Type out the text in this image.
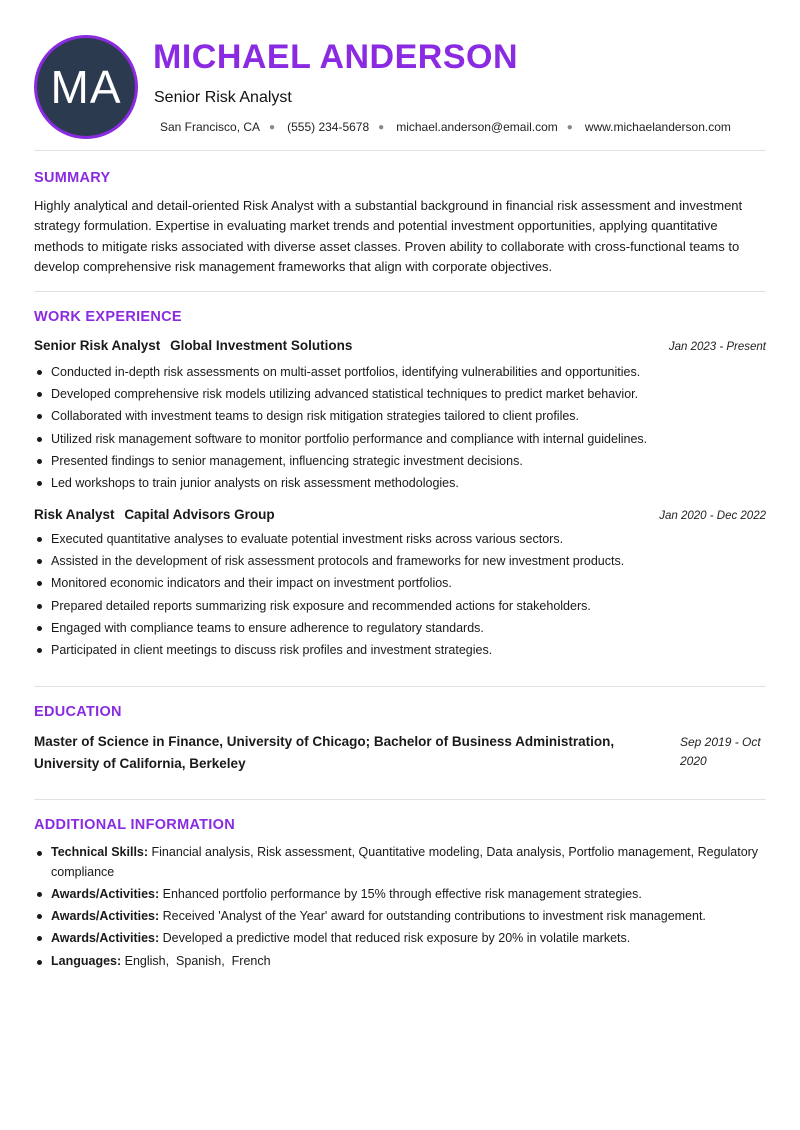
MA
MICHAEL ANDERSON
Senior Risk Analyst
San Francisco, CA ● (555) 234-5678 ● michael.anderson@email.com ● www.michaelanderson.com
SUMMARY
Highly analytical and detail-oriented Risk Analyst with a substantial background in financial risk assessment and investment strategy formulation. Expertise in evaluating market trends and potential investment opportunities, applying quantitative methods to mitigate risks associated with diverse asset classes. Proven ability to collaborate with cross-functional teams to develop comprehensive risk management frameworks that align with corporate objectives.
WORK EXPERIENCE
Senior Risk Analyst Global Investment Solutions	Jan 2023 - Present
Conducted in-depth risk assessments on multi-asset portfolios, identifying vulnerabilities and opportunities.
Developed comprehensive risk models utilizing advanced statistical techniques to predict market behavior.
Collaborated with investment teams to design risk mitigation strategies tailored to client profiles.
Utilized risk management software to monitor portfolio performance and compliance with internal guidelines.
Presented findings to senior management, influencing strategic investment decisions.
Led workshops to train junior analysts on risk assessment methodologies.
Risk Analyst Capital Advisors Group	Jan 2020 - Dec 2022
Executed quantitative analyses to evaluate potential investment risks across various sectors.
Assisted in the development of risk assessment protocols and frameworks for new investment products.
Monitored economic indicators and their impact on investment portfolios.
Prepared detailed reports summarizing risk exposure and recommended actions for stakeholders.
Engaged with compliance teams to ensure adherence to regulatory standards.
Participated in client meetings to discuss risk profiles and investment strategies.
EDUCATION
Master of Science in Finance, University of Chicago; Bachelor of Business Administration, University of California, Berkeley
Sep 2019 - Oct 2020
ADDITIONAL INFORMATION
Technical Skills: Financial analysis, Risk assessment, Quantitative modeling, Data analysis, Portfolio management, Regulatory compliance
Awards/Activities: Enhanced portfolio performance by 15% through effective risk management strategies.
Awards/Activities: Received 'Analyst of the Year' award for outstanding contributions to investment risk management.
Awards/Activities: Developed a predictive model that reduced risk exposure by 20% in volatile markets.
Languages: English,  Spanish,  French
